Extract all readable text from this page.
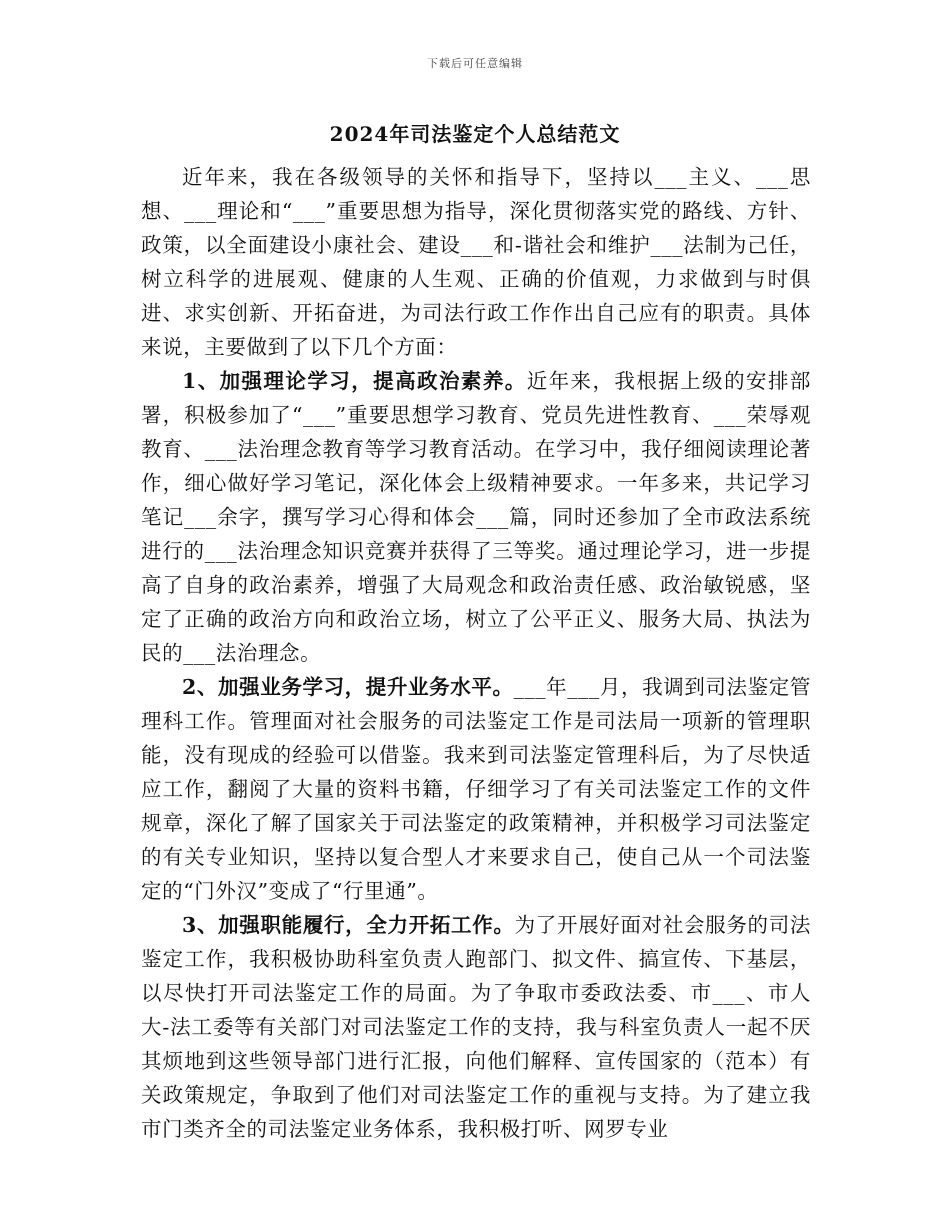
下载后可任意编辑
2024年司法鉴定个人总结范文

近年来，我在各级领导的关怀和指导下，坚持以___主义、___思想、___理论和“___”重要思想为指导，深化贯彻落实党的路线、方针、政策，以全面建设小康社会、建设___和-谐社会和维护___法制为己任，树立科学的进展观、健康的人生观、正确的价值观，力求做到与时俱进、求实创新、开拓奋进，为司法行政工作作出自己应有的职责。具体来说，主要做到了以下几个方面：

1、加强理论学习，提高政治素养。近年来，我根据上级的安排部署，积极参加了“___”重要思想学习教育、党员先进性教育、___荣辱观教育、___法治理念教育等学习教育活动。在学习中，我仔细阅读理论著作，细心做好学习笔记，深化体会上级精神要求。一年多来，共记学习笔记___余字，撰写学习心得和体会___篇，同时还参加了全市政法系统进行的___法治理念知识竞赛并获得了三等奖。通过理论学习，进一步提高了自身的政治素养，增强了大局观念和政治责任感、政治敏锐感，坚定了正确的政治方向和政治立场，树立了公平正义、服务大局、执法为民的___法治理念。

2、加强业务学习，提升业务水平。___年___月，我调到司法鉴定管理科工作。管理面对社会服务的司法鉴定工作是司法局一项新的管理职能，没有现成的经验可以借鉴。我来到司法鉴定管理科后，为了尽快适应工作，翻阅了大量的资料书籍，仔细学习了有关司法鉴定工作的文件规章，深化了解了国家关于司法鉴定的政策精神，并积极学习司法鉴定的有关专业知识，坚持以复合型人才来要求自己，使自己从一个司法鉴定的“门外汉”变成了“行里通”。

3、加强职能履行，全力开拓工作。为了开展好面对社会服务的司法鉴定工作，我积极协助科室负责人跑部门、拟文件、搞宣传、下基层，以尽快打开司法鉴定工作的局面。为了争取市委政法委、市___、市人大-法工委等有关部门对司法鉴定工作的支持，我与科室负责人一起不厌其烦地到这些领导部门进行汇报，向他们解释、宣传国家的（范本）有关政策规定，争取到了他们对司法鉴定工作的重视与支持。为了建立我市门类齐全的司法鉴定业务体系，我积极打听、网罗专业
